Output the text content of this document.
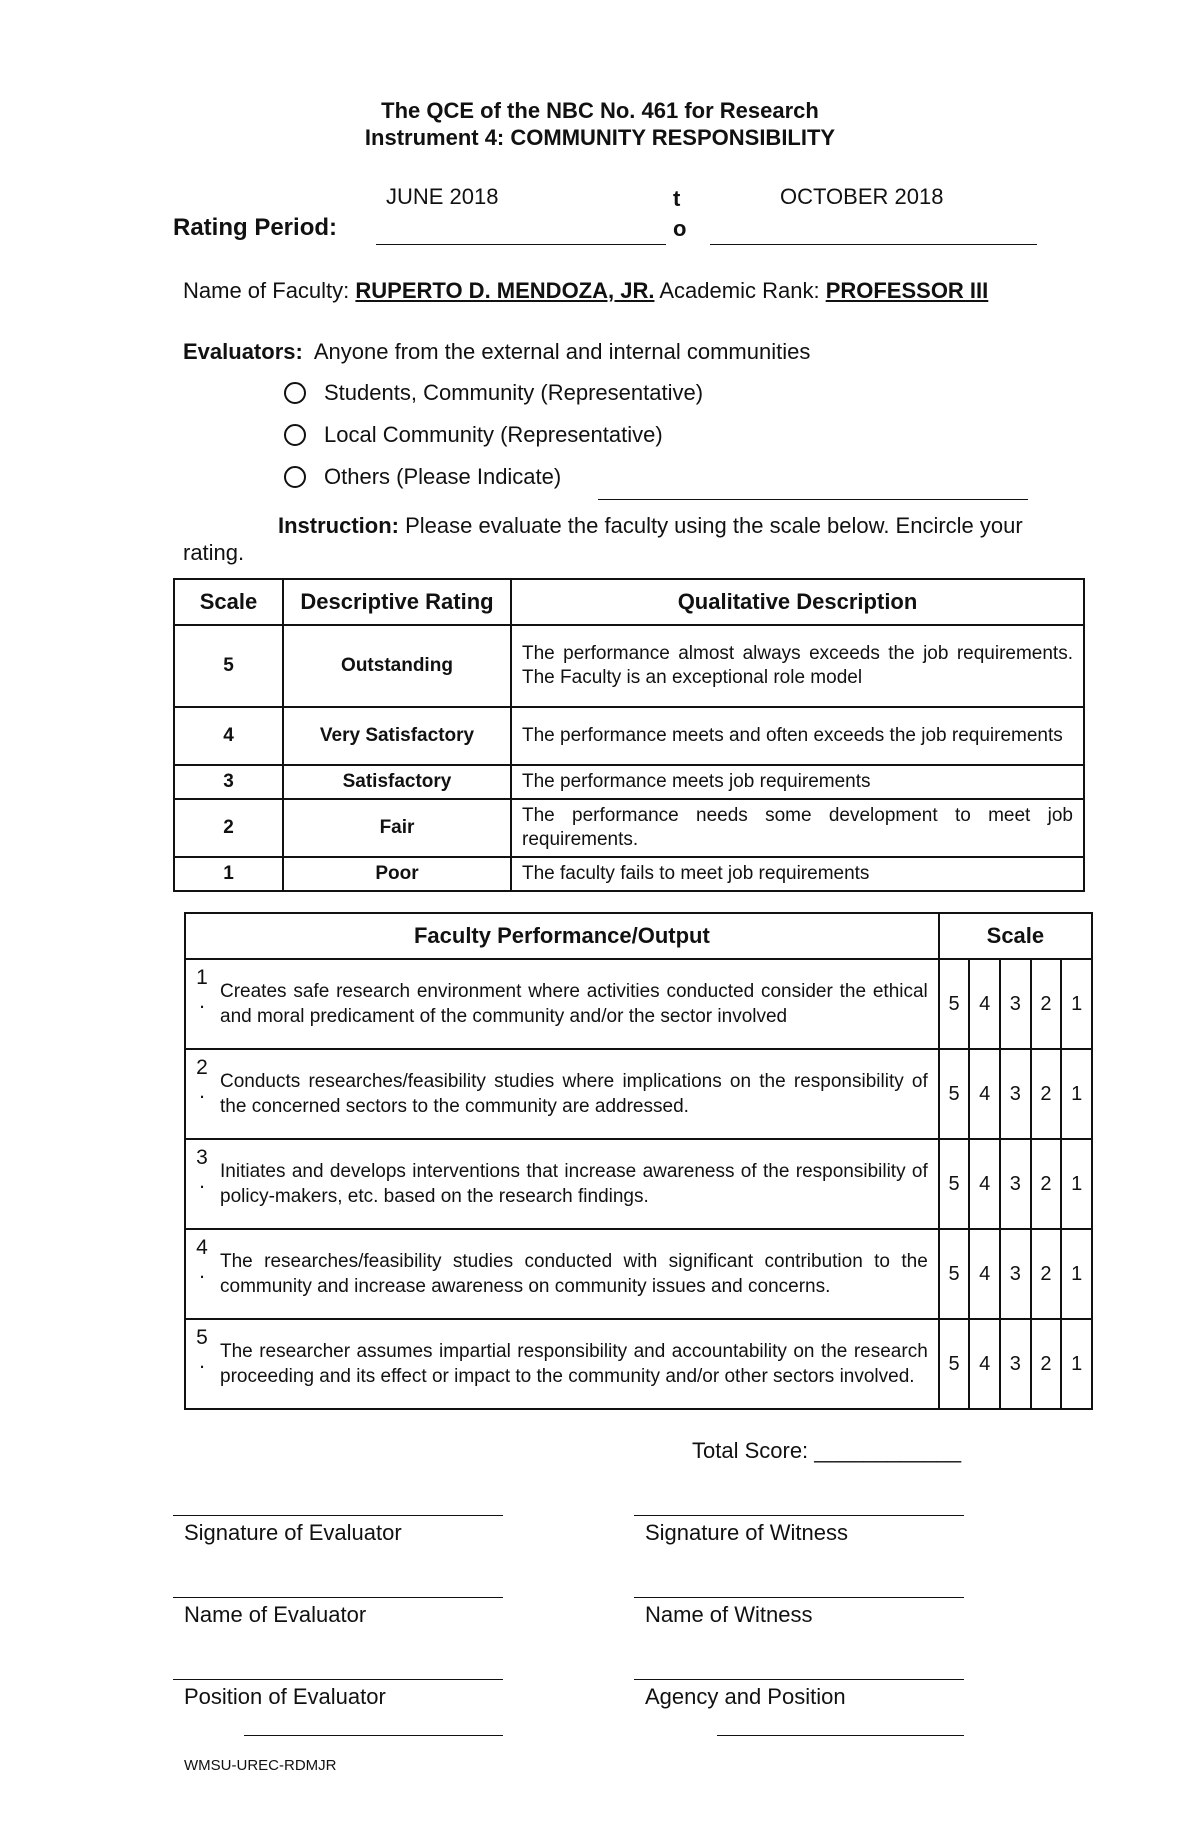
The QCE of the NBC No. 461 for Research
Instrument 4: COMMUNITY RESPONSIBILITY
JUNE 2018	t
o
OCTOBER 2018
Rating Period:
Name of Faculty: RUPERTO D. MENDOZA, JR. Academic Rank: PROFESSOR III
Evaluators: Anyone from the external and internal communities
Students, Community (Representative)
Local Community (Representative)
Others (Please Indicate)
Instruction: Please evaluate the faculty using the scale below. Encircle your
rating.
Scale	Descriptive Rating	Qualitative Description
5	Outstanding	The performance almost always exceeds the job requirements. The Faculty is an exceptional role model
4	Very Satisfactory	The performance meets and often exceeds the job requirements
3	Satisfactory	The performance meets job requirements
2	Fair	The performance needs some development to meet job requirements.
1	Poor	The faculty fails to meet job requirements
Faculty Performance/Output		Scale				
1
.	Creates safe research environment where activities conducted consider the ethical and moral predicament of the community and/or the sector involved	5	4	3	2	1
2
.	Conducts researches/feasibility studies where implications on the responsibility of the concerned sectors to the community are addressed.	5	4	3	2	1
3
.	Initiates and develops interventions that increase awareness of the responsibility of policy-makers, etc. based on the research findings.	5	4	3	2	1
4
.	The researches/feasibility studies conducted with significant contribution to the community and increase awareness on community issues and concerns.	5	4	3	2	1
5
.	The researcher assumes impartial responsibility and accountability on the research proceeding and its effect or impact to the community and/or other sectors involved.	5	4	3	2	1
Total Score: ____________
Signature of Evaluator	Signature of Witness
Name of Evaluator	Name of Witness
Position of Evaluator	Agency and Position
WMSU-UREC-RDMJR
